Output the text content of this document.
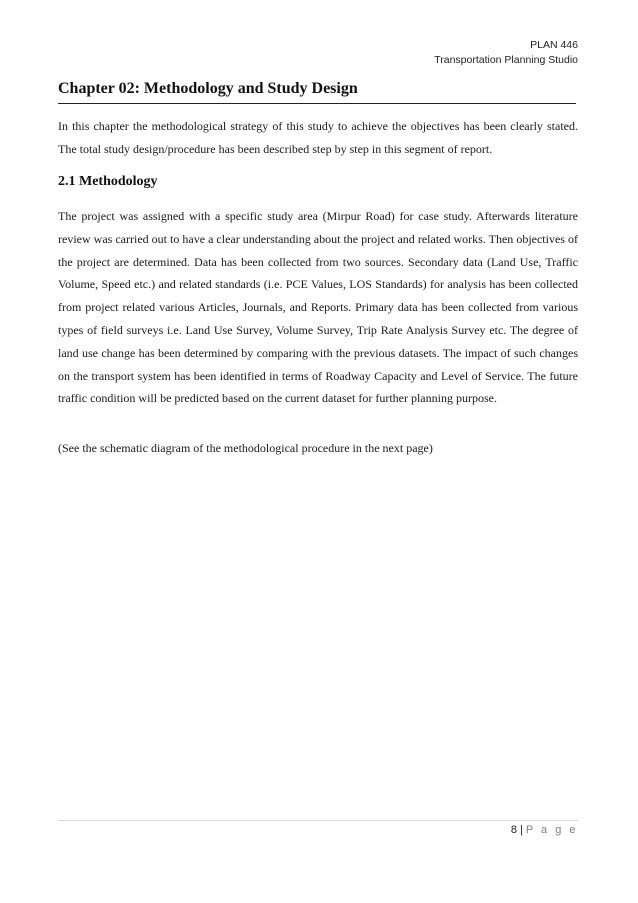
PLAN 446
Transportation Planning Studio
Chapter 02: Methodology and Study Design

In this chapter the methodological strategy of this study to achieve the objectives has been clearly stated. The total study design/procedure has been described step by step in this segment of report.

2.1 Methodology

The project was assigned with a specific study area (Mirpur Road) for case study. Afterwards literature review was carried out to have a clear understanding about the project and related works. Then objectives of the project are determined. Data has been collected from two sources. Secondary data (Land Use, Traffic Volume, Speed etc.) and related standards (i.e. PCE Values, LOS Standards) for analysis has been collected from project related various Articles, Journals, and Reports. Primary data has been collected from various types of field surveys i.e. Land Use Survey, Volume Survey, Trip Rate Analysis Survey etc. The degree of land use change has been determined by comparing with the previous datasets. The impact of such changes on the transport system has been identified in terms of Roadway Capacity and Level of Service. The future traffic condition will be predicted based on the current dataset for further planning purpose.

(See the schematic diagram of the methodological procedure in the next page)

8 | P a g e
